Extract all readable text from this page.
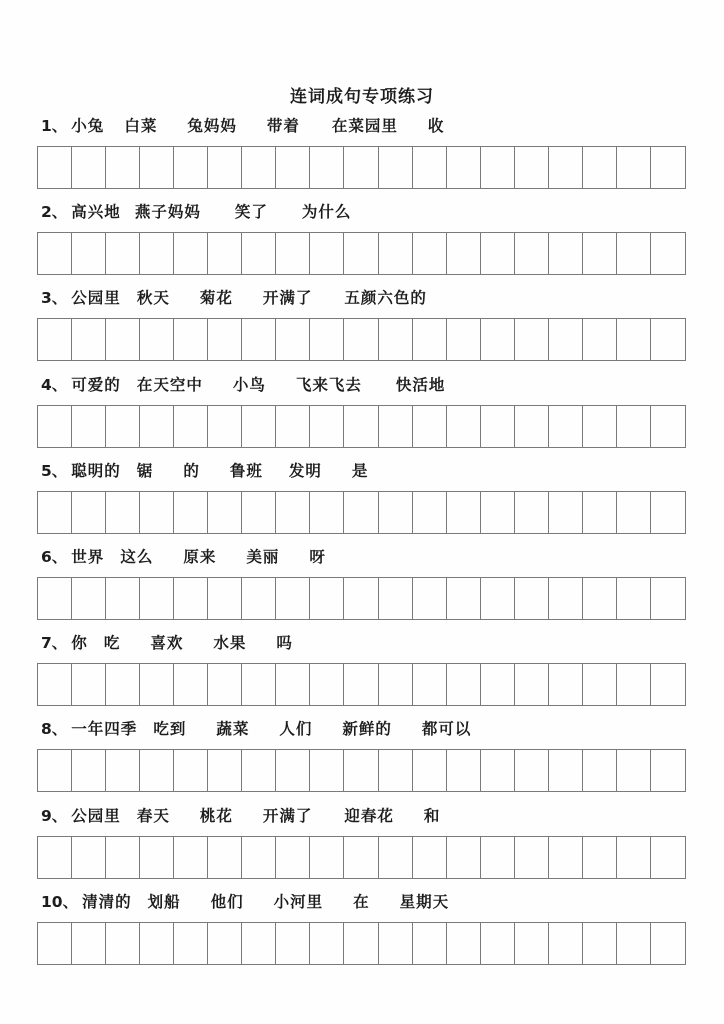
连词成句专项练习
1、 小兔 白菜 兔妈妈 带着 在菜园里 收
2、 高兴地 燕子妈妈 笑了 为什么
3、 公园里 秋天 菊花 开满了 五颜六色的
4、 可爱的 在天空中 小鸟 飞来飞去 快活地
5、 聪明的 锯 的 鲁班 发明 是
6、 世界 这么 原来 美丽 呀
7、 你 吃 喜欢 水果 吗
8、 一年四季 吃到 蔬菜 人们 新鲜的 都可以
9、 公园里 春天 桃花 开满了 迎春花 和
10、 清清的 划船 他们 小河里 在 星期天
